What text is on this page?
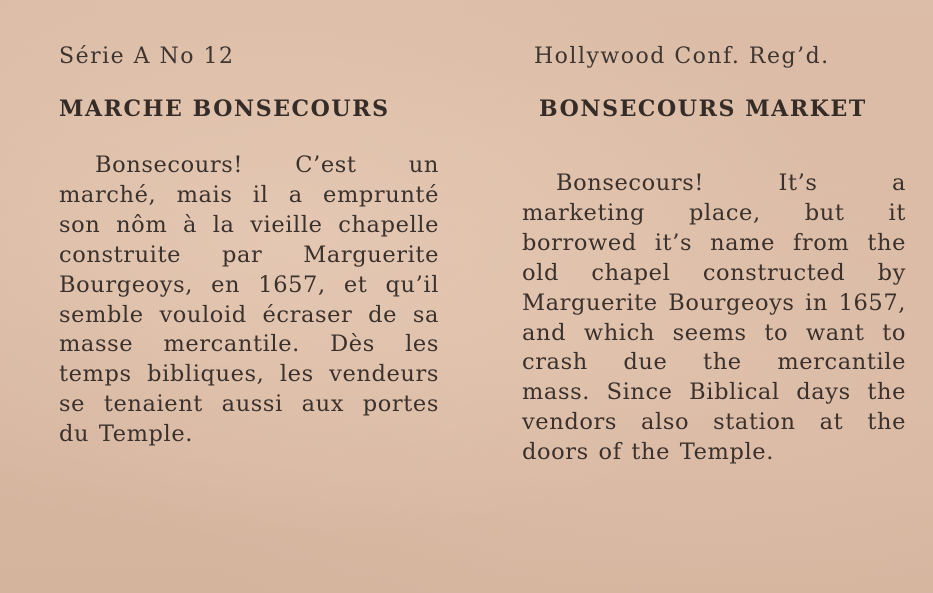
Série A No 12
MARCHE BONSECOURS

Bonsecours! C’est un marché, mais il a emprunté son nôm à la vieille chapelle construite par Marguerite Bourgeoys, en 1657, et qu’il semble vouloid écraser de sa masse mercantile. Dès les temps bibliques, les vendeurs se tenaient aussi aux portes du Temple.

Hollywood Conf. Reg’d.
BONSECOURS MARKET

Bonsecours! It’s a marketing place, but it borrowed it’s name from the old chapel constructed by Marguerite Bourgeoys in 1657, and which seems to want to crash due the mercantile mass. Since Biblical days the vendors also station at the doors of the Temple.
